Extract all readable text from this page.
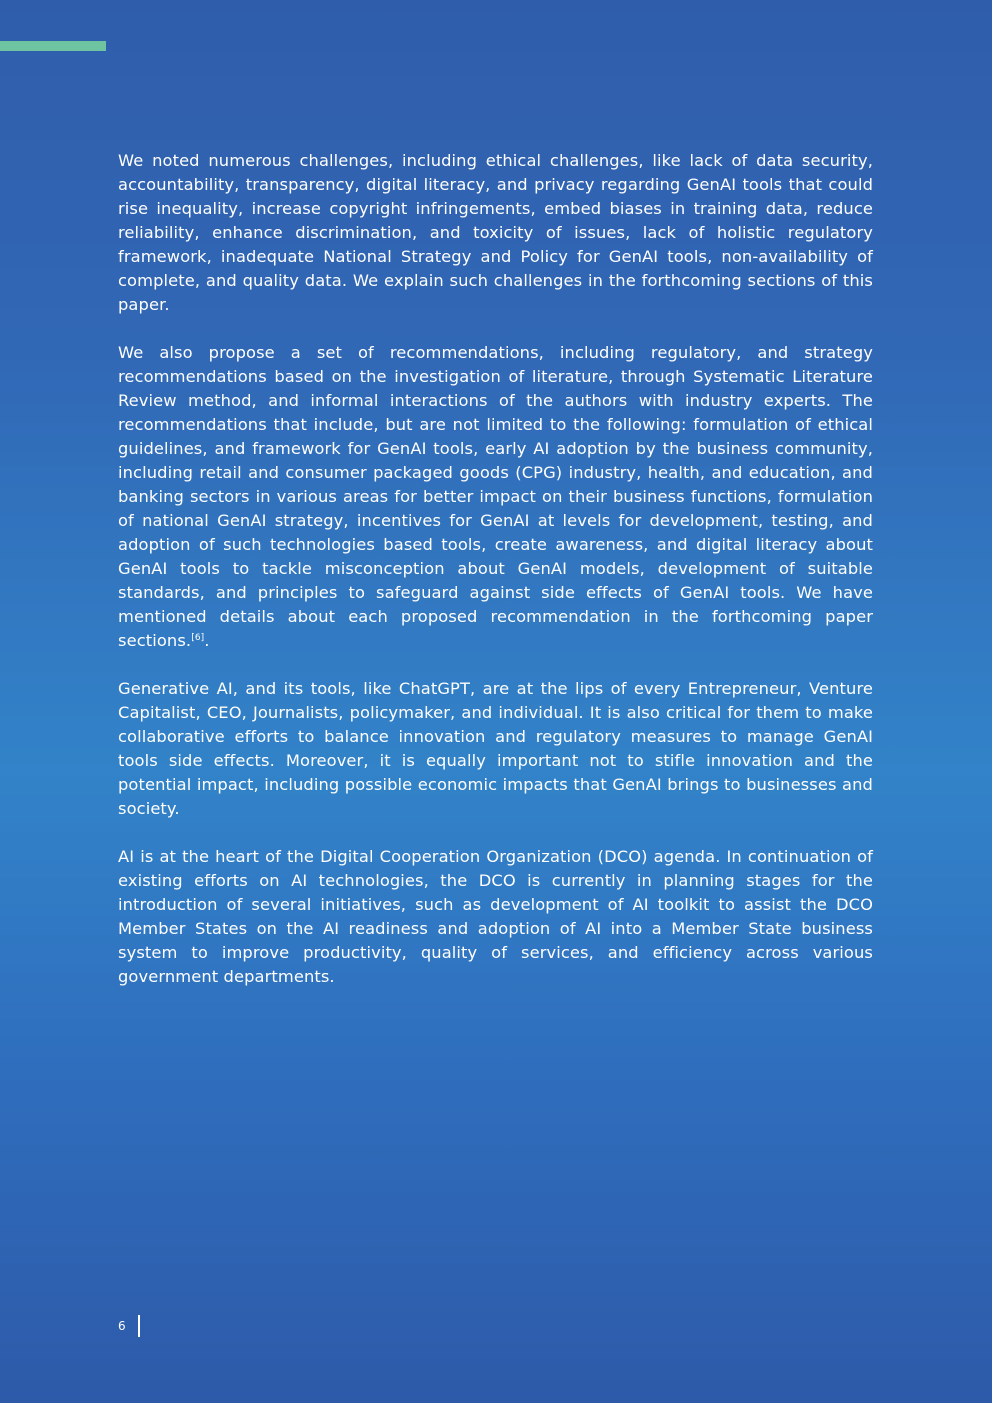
We noted numerous challenges, including ethical challenges, like lack of data security, accountability, transparency, digital literacy, and privacy regarding GenAI tools that could rise inequality, increase copyright infringements, embed biases in training data, reduce reliability, enhance discrimination, and toxicity of issues, lack of holistic regulatory framework, inadequate National Strategy and Policy for GenAI tools, non-availability of complete, and quality data. We explain such challenges in the forthcoming sections of this paper.

We also propose a set of recommendations, including regulatory, and strategy recommendations based on the investigation of literature, through Systematic Literature Review method, and informal interactions of the authors with industry experts. The recommendations that include, but are not limited to the following: formulation of ethical guidelines, and framework for GenAI tools, early AI adoption by the business community, including retail and consumer packaged goods (CPG) industry, health, and education, and banking sectors in various areas for better impact on their business functions, formulation of national GenAI strategy, incentives for GenAI at levels for development, testing, and adoption of such technologies based tools, create awareness, and digital literacy about GenAI tools to tackle misconception about GenAI models, development of suitable standards, and principles to safeguard against side effects of GenAI tools. We have mentioned details about each proposed recommendation in the forthcoming paper sections.[6].

Generative AI, and its tools, like ChatGPT, are at the lips of every Entrepreneur, Venture Capitalist, CEO, Journalists, policymaker, and individual. It is also critical for them to make collaborative efforts to balance innovation and regulatory measures to manage GenAI tools side effects. Moreover, it is equally important not to stifle innovation and the potential impact, including possible economic impacts that GenAI brings to businesses and society.

AI is at the heart of the Digital Cooperation Organization (DCO) agenda. In continuation of existing efforts on AI technologies, the DCO is currently in planning stages for the introduction of several initiatives, such as development of AI toolkit to assist the DCO Member States on the AI readiness and adoption of AI into a Member State business system to improve productivity, quality of services, and efficiency across various government departments.

6
